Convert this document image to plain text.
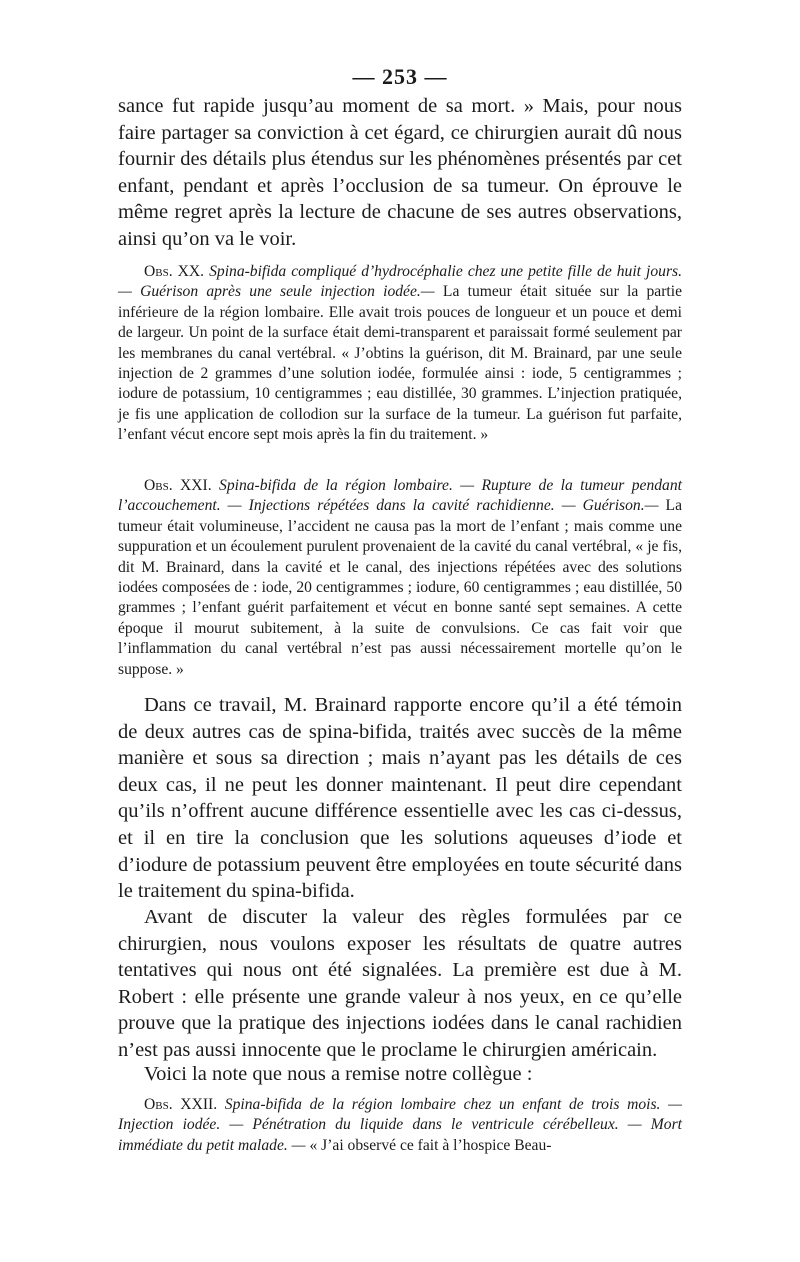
— 253 —

sance fut rapide jusqu’au moment de sa mort. » Mais, pour nous faire partager sa conviction à cet égard, ce chirurgien aurait dû nous fournir des détails plus étendus sur les phénomènes présentés par cet enfant, pendant et après l’occlusion de sa tumeur. On éprouve le même regret après la lecture de chacune de ses autres observations, ainsi qu’on va le voir.

Obs. XX. Spina-bifida compliqué d’hydrocéphalie chez une petite fille de huit jours.— Guérison après une seule injection iodée.— La tumeur était située sur la partie inférieure de la région lombaire. Elle avait trois pouces de longueur et un pouce et demi de largeur. Un point de la surface était demi-transparent et paraissait formé seulement par les membranes du canal vertébral. « J’obtins la guérison, dit M. Brainard, par une seule injection de 2 grammes d’une solution iodée, formulée ainsi : iode, 5 centigrammes ; iodure de potassium, 10 centigrammes ; eau distillée, 30 grammes. L’injection pratiquée, je fis une application de collodion sur la surface de la tumeur. La guérison fut parfaite, l’enfant vécut encore sept mois après la fin du traitement. »
Obs. XXI. Spina-bifida de la région lombaire. — Rupture de la tumeur pendant l’accouchement. — Injections répétées dans la cavité rachidienne. — Guérison.— La tumeur était volumineuse, l’accident ne causa pas la mort de l’enfant ; mais comme une suppuration et un écoulement purulent provenaient de la cavité du canal vertébral, « je fis, dit M. Brainard, dans la cavité et le canal, des injections répétées avec des solutions iodées composées de : iode, 20 centigrammes ; iodure, 60 centigrammes ; eau distillée, 50 grammes ; l’enfant guérit parfaitement et vécut en bonne santé sept semaines. A cette époque il mourut subitement, à la suite de convulsions. Ce cas fait voir que l’inflammation du canal vertébral n’est pas aussi nécessairement mortelle qu’on le suppose. »

Dans ce travail, M. Brainard rapporte encore qu’il a été témoin de deux autres cas de spina-bifida, traités avec succès de la même manière et sous sa direction ; mais n’ayant pas les détails de ces deux cas, il ne peut les donner maintenant. Il peut dire cependant qu’ils n’offrent aucune différence essentielle avec les cas ci-dessus, et il en tire la conclusion que les solutions aqueuses d’iode et d’iodure de potassium peuvent être employées en toute sécurité dans le traitement du spina-bifida.

Avant de discuter la valeur des règles formulées par ce chirurgien, nous voulons exposer les résultats de quatre autres tentatives qui nous ont été signalées. La première est due à M. Robert : elle présente une grande valeur à nos yeux, en ce qu’elle prouve que la pratique des injections iodées dans le canal rachidien n’est pas aussi innocente que le proclame le chirurgien américain.

Voici la note que nous a remise notre collègue :

Obs. XXII. Spina-bifida de la région lombaire chez un enfant de trois mois. — Injection iodée. — Pénétration du liquide dans le ventricule cérébelleux. — Mort immédiate du petit malade. — « J’ai observé ce fait à l’hospice Beau-
